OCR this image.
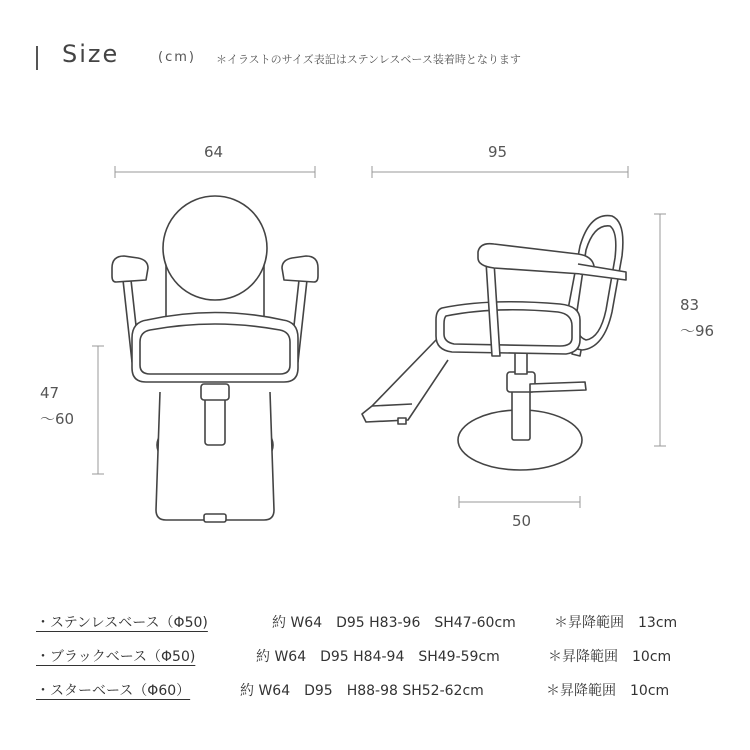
Size	(cm) ＊イラストのサイズ表記はステンレスベース装着時となります
64	95
47
〜60
83
〜96
50
・ステンレスベース（Φ50)	約 W64　D95 H83-96　SH47-60cm	＊昇降範囲　13cm
・ブラックベース（Φ50)	約 W64　D95 H84-94　SH49-59cm	＊昇降範囲　10cm
・スターベース（Φ60）	約 W64　D95　H88-98 SH52-62cm	＊昇降範囲　10cm
